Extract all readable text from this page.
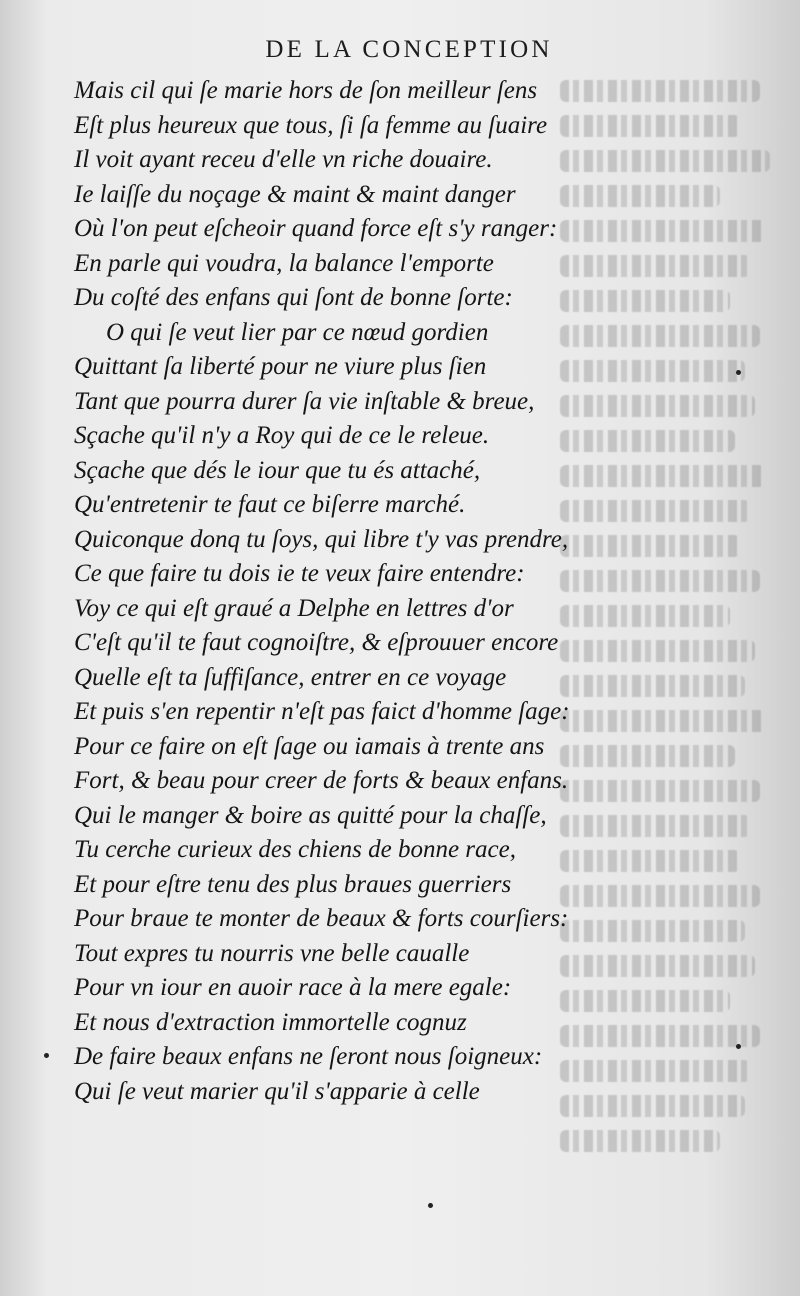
DE LA CONCEPTION
Mais cil qui ſe marie hors de ſon meilleur ſens
Eſt plus heureux que tous, ſi ſa femme au ſuaire
Il voit ayant receu d'elle vn riche douaire.
Ie laiſſe du noçage & maint & maint danger
Où l'on peut eſcheoir quand force eſt s'y ranger:
En parle qui voudra, la balance l'emporte
Du coſté des enfans qui ſont de bonne ſorte:
O qui ſe veut lier par ce nœud gordien
Quittant ſa liberté pour ne viure plus ſien
Tant que pourra durer ſa vie inſtable & breue,
Sçache qu'il n'y a Roy qui de ce le releue.
Sçache que dés le iour que tu és attaché,
Qu'entretenir te faut ce biſerre marché.
Quiconque donq tu ſoys, qui libre t'y vas prendre,
Ce que faire tu dois ie te veux faire entendre:
Voy ce qui eſt graué a Delphe en lettres d'or
C'eſt qu'il te faut cognoiſtre, & eſprouuer encore
Quelle eſt ta ſuffiſance, entrer en ce voyage
Et puis s'en repentir n'eſt pas faict d'homme ſage:
Pour ce faire on eſt ſage ou iamais à trente ans
Fort, & beau pour creer de forts & beaux enfans.
Qui le manger & boire as quitté pour la chaſſe,
Tu cerche curieux des chiens de bonne race,
Et pour eſtre tenu des plus braues guerriers
Pour braue te monter de beaux & forts courſiers:
Tout expres tu nourris vne belle caualle
Pour vn iour en auoir race à la mere egale:
Et nous d'extraction immortelle cognuz
De faire beaux enfans ne ſeront nous ſoigneux:
Qui ſe veut marier qu'il s'apparie à celle
